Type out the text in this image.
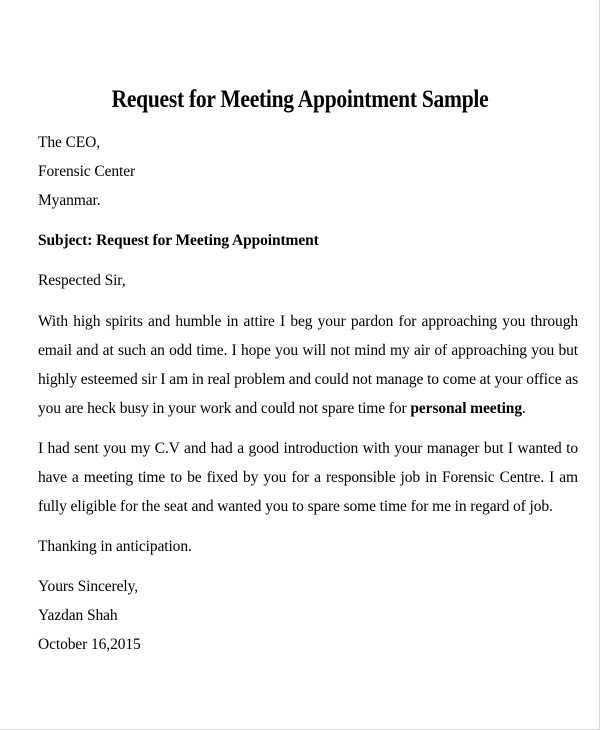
Request for Meeting Appointment Sample
The CEO,
Forensic Center
Myanmar.
Subject: Request for Meeting Appointment
Respected Sir,
With high spirits and humble in attire I beg your pardon for approaching you through email and at such an odd time. I hope you will not mind my air of approaching you but highly esteemed sir I am in real problem and could not manage to come at your office as you are heck busy in your work and could not spare time for personal meeting.
I had sent you my C.V and had a good introduction with your manager but I wanted to have a meeting time to be fixed by you for a responsible job in Forensic Centre. I am fully eligible for the seat and wanted you to spare some time for me in regard of job.
Thanking in anticipation.
Yours Sincerely,
Yazdan Shah
October 16,2015
